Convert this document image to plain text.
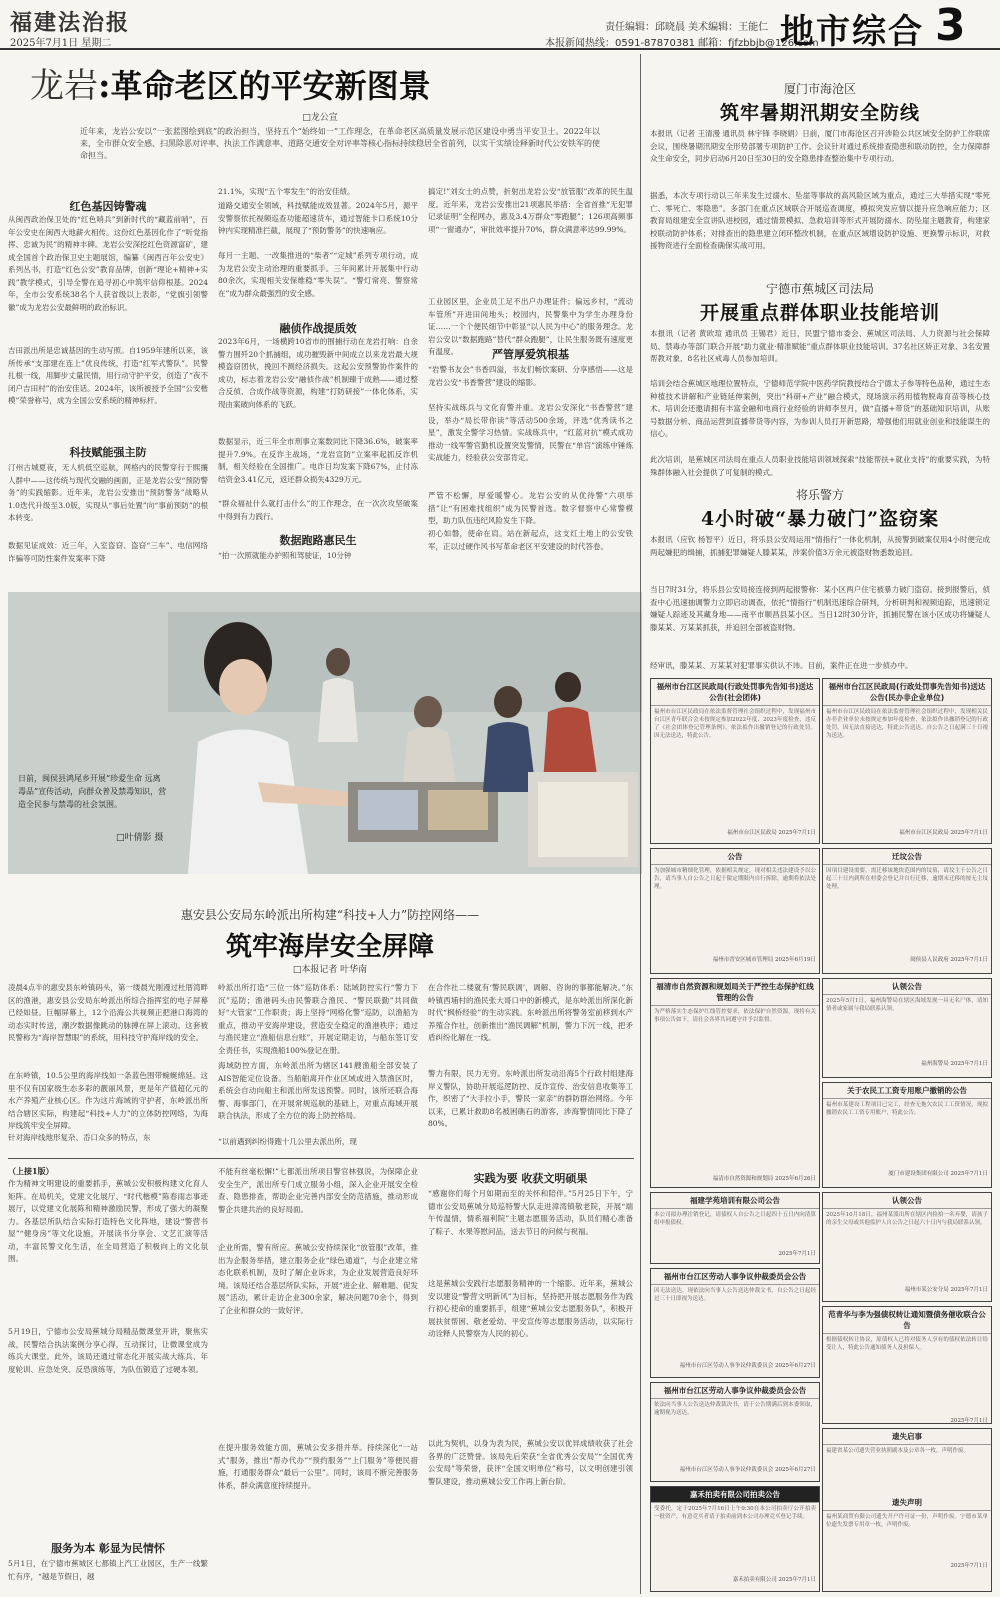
福建法治报
2025年7月1日 星期二
责任编辑：邱晓晨 美术编辑：王能仁
本报新闻热线：0591-87870381 邮箱：fjfzbbjb@126.com
地市综合 3
龙岩:革命老区的平安新图景
□龙公宣
近年来，龙岩公安以“一张蓝图绘到底”的政治担当，坚持五个“始终如一”工作理念，在革命老区高质量发展示范区建设中勇当平安卫士。2022年以来，全市群众安全感、扫黑除恶对评率、执法工作满意率、道路交通安全对评率等核心指标持续稳居全省前列，以实干实绩诠释新时代公安铁军的使命担当。
红色基因铸警魂
从闽西政治保卫处的“红色哨兵”到新时代的“藏蓝前哨”，百年公安史在闽西大地薪火相传。这份红色基因化作了“听党指挥、忠诚为民”的精神丰碑。龙岩公安深挖红色资源富矿，建成全国首个政治保卫史主题展馆，编纂《闽西百年公安史》系列丛书，打造“红色公安”教育品牌，创新“理论+精神+实践”教学模式，引导全警在追寻初心中筑牢信仰根基。2024年，全市公安系统38名个人获省级以上表彰，“党旗引领警徽”成为龙岩公安最鲜明的政治标识。
吉田派出所是忠诚基因的生动写照。自1959年建所以来，该所传承“支部建在连上”优良传统，打造“红军式警队”。民警扎根一线，用脚步丈量民情，用行动守护平安，创造了“夜不闭户吉田村”的治安佳话。2024年，该所被授予全国“公安楷模”荣誉称号，成为全国公安系统的精神标杆。
科技赋能强主防
汀州古城夏夜，无人机低空巡航，网格内的民警穿行于熙攘人群中——这传统与现代交融的画面，正是龙岩公安“预防警务”的实践缩影。近年来，龙岩公安推出“预防警务”战略从1.0迭代升级至3.0版，实现从“事后处置”向“事前预防”的根本转变。
数据见证成效：近三年，入室盗窃、盗窃“三车”、电信网络诈骗等可防性案件发案率下降
21.1%，实现“五个零发生”的治安佳绩。
道路交通安全领域，科技赋能成效显著。2024年5月，源平安警察依托视频巡查功能超速货车，通过智能卡口系统10分钟内实现精准拦截，展现了“预防警务”的快速响应。
每月一主题、一改集推进的“柴者”“定城”系列专项行动，成为龙岩公安主动治理的重要抓手。三年间累计开展集中行动80余次，实现相关安保维稳“零失误”。“警灯常亮、警察常在”成为群众最强烈的安全感。
融侦作战提质效
2023年6月，一场横跨10省市的围捕行动在龙岩打响：自余警力围歼20个抓捕组，成功摧毁新中间成立以来龙岩最大规模盗窃团伙，挽回不测经济损失。这起公安预警协作案件的成功，标志着龙岩公安“融侦作战”机制臻于成熟——通过整合反侦、合成作战等资源，构建“打防研接”一体化体系，实现由案破向体系的飞跃。
数据显示，近三年全市刑事立案数同比下降36.6%，破案率提升7.9%。在反诈主战场，“龙岩宣防”立案率起抓反诈机制，相关经验在全国推广。电诈日均发案下降67%，止付冻结资金3.41亿元，返还群众损失4329万元。
“群众福祉什么就打击什么”的工作理念，在一次次攻坚破案中得到有力践行。
数据跑路惠民生
“拍一次照就能办护照和驾驶证，10分钟
搞定!”刘女士的点赞，折射出龙岩公安“放管服”改革的民生温度。近年来，龙岩公安推出21项惠民举措：全省首推“无犯罪记录证明”全程网办，惠及3.4万群众“零跑腿”；126项高频事项“一窗通办”，审批效率提升70%，群众满意率达99.99%。
工业园区里，企业员工足不出户办理证件；偏远乡村，“流动车管所”开进田间地头；校园内，民警集中为学生办理身份证……一个个便民细节中彰显“以人民为中心”的服务理念。龙岩公安以“数据跑路”替代“群众跑腿”，让民生服务既有速度更有温度。	严管厚爱筑根基
“岩警书友会”书香四溢，书友们畅饮案研、分享感悟——这是龙岩公安“书香警营”建设的缩影。
坚持实战练兵与文化育警并重。龙岩公安深化“书香警营”建设，举办“局长带你读”等活动500余场，评选“优秀读书之星”，激发全警学习热情。实战练兵中，“红蓝对抗”模式成功推动一线军警官勤机设置突发警情，民警在“单官”演练中锤炼实战能力，经验获公安部肯定。
严管不松懈，厚爱暖警心。龙岩公安的从优待警“六项举措”让“有困难找组织”成为民警首选。数字督察中心常警模型，助力队伍违纪风险发生下降。
初心如磐，使命在肩。站在新起点，这支红土地上的公安铁军，正以过硬作风书写革命老区平安建设的时代答卷。
日前，闽侯县鸿尾乡开展“珍爱生命 远离毒品”宣传活动，向群众普及禁毒知识，营造全民参与禁毒的社会氛围。
□叶倩影 摄
惠安县公安局东岭派出所构建“科技+人力”防控网络——
筑牢海岸安全屏障
□本报记者 叶华南
凌晨4点半的惠安县东岭镇码头，第一缕晨光刚漫过杜厝湾畔区的渔港，惠安县公安局东岭派出所综合指挥室的电子屏幕已经如昼。巨幅屏幕上，12个沿海公共视频正把港口海湾的动态实时传送，潮汐数据像跳动的脉搏在屏上滚动。这套被民警称为“海岸智慧眼”的系统，用科技守护海岸线的安全。
在东岭镇，10.5公里的海岸线如一条蓝色围带蜿蜒绵延。这里不仅有国家级生态多彩的靓丽风景，更是年产值超亿元的水产养殖产业核心区。作为这片海域的守护者，东岭派出所结合辖区实际，构建起“科技+人力”的立体防控网络，为海岸线筑牢安全屏障。
针对海岸线地形复杂、岙口众多的特点，东
岭派出所打造“三位一体”巡防体系：陆域防控实行“警力下沉”巡防；渔港码头由民警联合渔民、“警民联勤”共同做好“大管家”工作职责；海上坚持“网格化警”巡防，以渔船为重点，推动平安海岸建设，营造安全稳定的渔港秩序；通过与渔民建立“渔船信息台账”，开展定期走访，与船东签订安全责任书，实现渔船100%登记在册。
海域防控方面，东岭派出所为辖区141艘渔船全部安装了AIS智能定位设备。当船舶离开作业区域或进入禁渔区时，系统会自动向船主和派出所发送预警。同时，该所还联合海警、海事部门，在开展常规巡航的基础上，对重点海域开展联合执法，形成了全方位的海上防控格局。
“以前遇到纠纷得跑十几公里去派出所，现
在合作社二楼就有‘警民联调’，调解、咨询的事都能解决。”东岭镇西埔村的渔民张大哥口中的新模式，是东岭派出所深化新时代“枫桥经验”的生动实践。东岭派出所将警务室前移到水产养殖合作社，创新推出“渔民调解”机制，警力下沉一线，把矛盾纠纷化解在一线。
警力有限，民力无穷。东岭派出所发动沿海5个行政村组建海岸义警队，协助开展巡逻防控、反诈宣传、治安信息收集等工作，织密了“大手拉小手，警民一家亲”的群防群治网络。今年以来，已累计救助8名被困礁石的游客，涉海警情同比下降了80%。
（上接1版）
作为精神文明建设的重要抓手，蕉城公安积极构建文化育人矩阵。在局机关，党建文化展厅、“时代楷模”陈春雨志事迹展厅，以党建文化展陈和精神激励民警，形成了强大的凝聚力。各基层所队结合实际打造特色文化阵地，建设“警营书屋”“健身房”等文化设施，开展读书分享会、文艺汇演等活动，丰富民警文化生活，在全局营造了积极向上的文化氛围。
5月19日，宁德市公安局蕉城分局精品微课堂开讲，聚焦实战，民警结合执法案例分享心得，互动探讨，让微课堂成为练兵大课堂。此外，该局还通过常态化开展实战大练兵、年度轮训、应急处突、反恐演练等，为队伍锻造了过硬本领。
服务为本 彰显为民情怀
5月1日，在宁德市蕉城区七都镇上汽工业园区，生产一线繁忙有序，“越是节假日，越
不能有丝毫松懈!”七都派出所项目警官林强说，为保障企业安全生产，派出所专门成立服务小组，深入企业开展安全检查、隐患排查，帮助企业完善内部安全防范措施，推动形成警企共建共治的良好局面。
企业所需，警有所应。蕉城公安持续深化“放管服”改革，推出为企服务举措，建立服务企业“绿色通道”，与企业建立常态化联系机制，及时了解企业诉求，为企业发展营造良好环境。该局还结合基层所队实际，开展“进企业、解难题、促发展”活动，累计走访企业300余家，解决问题70余个，得到了企业和群众的一致好评。
在提升服务效能方面，蕉城公安多措并举。持续深化“一站式”服务，推出“帮办代办”“预约服务”“上门服务”等便民措施，打通服务群众“最后一公里”。同时，该局不断完善服务体系，群众满意度持续提升。
实践为要 收获文明硕果
“感谢你们每个月如期而至的关怀和陪伴。”5月25日下午，宁德市公安局蕉城分局巡特警大队走进漳湾镇敬老院，开展“端午传温情，情系福利院”主题志愿服务活动，队员们精心准备了粽子、水果等慰问品，送去节日的问候与祝福。
这是蕉城公安践行志愿服务精神的一个缩影。近年来，蕉城公安以建设“警营文明新风”为目标，坚持把开展志愿服务作为践行初心使命的重要抓手，组建“蕉城公安志愿服务队”，积极开展扶贫帮困、敬老爱幼、平安宣传等志愿服务活动，以实际行动诠释人民警察为人民的初心。
以此为契机，以身为表为民，蕉城公安以优异成绩收获了社会各界的广泛赞誉。该局先后荣获“全省优秀公安局”“全国优秀公安局”等荣誉，获评“全国文明单位”称号，以文明创建引领警队建设，推动蕉城公安工作再上新台阶。
厦门市海沧区
筑牢暑期汛期安全防线
本报讯（记者 王清漫 通讯员 林宇锋 李晓娟）日前，厦门市海沧区召开涉险公共区域安全防护工作联席会议，围绕暑期汛期安全形势部署专项防护工作。会议针对通过系统排查隐患和联动防控，全力保障群众生命安全，同步启动6月20日至30日的安全隐患排查整治集中专项行动。
据悉，本次专项行动以三年来发生过溺水、坠崖等事故的高风险区域为重点，通过三大举措实现“零死亡、零死亡、零隐患”。多部门在重点区域联合开展巡查调度，模拟突发应情以提升应急响应能力；区教育局组建安全宣讲队进校园，通过情景模拟、急救培训等形式开展防溺水、防坠崖主题教育，构建家校联动防护体系；对排查出的隐患建立闭环整改机制，在重点区域增设防护设施、更换警示标识，对救援物资进行全面检查确保实战可用。
宁德市蕉城区司法局
开展重点群体职业技能培训
本报讯（记者 黄欧瑄 通讯员 王锡君）近日，民盟宁德市委会、蕉城区司法局、人力资源与社会保障局、禁毒办等部门联合开展“助力就业·精准赋能”重点群体职业技能培训。37名社区矫正对象、3名安置帮教对象、8名社区戒毒人员参加培训。
培训会结合蕉城区地理位置特点，宁德师范学院中医药学院教授结合宁德太子参等特色品种，通过生态种植技术讲解和产业链延伸案例，突出“科研+产业”融合模式，现场演示药用植物脱毒育苗等核心技术。培训会还邀请拥有丰富金融和电商行业经验的讲师李昱月，做“直播+带货”的基础知识培训，从账号数据分析、商品运营到直播带货等内容，为参训人员打开新思路，增强他们用就业创业和技能谋生的信心。
此次培训，是蕉城区司法局在重点人员职业技能培训领域探索“技能帮扶+就业支持”的重要实践，为特殊群体融入社会提供了可复制的模式。
将乐警方
4小时破“暴力破门”盗窃案
本报讯（应钦 杨智平）近日，将乐县公安局运用“情指行”一体化机制，从接警到破案仅用4小时便完成两起嫌犯的缉捕，抓捕犯罪嫌疑人滕某某，涉案价值3万余元被盗财物悉数追回。
当日7时31分，将乐县公安局接连接到两起报警称：某小区两户住宅被暴力破门盗窃。接到报警后，侦查中心迅速抽调警力立即启动调查，依托“情指行”机制迅速综合研判，分析研判和视频追踪，迅速锁定嫌疑人踪迹及其藏身地——南平市顺昌县某小区。当日12时30分许，抓捕民警在该小区成功将嫌疑人滕某某、万某某抓获，并追回全部被盗财物。
经审讯，滕某某、万某某对犯罪事实供认不讳。目前，案件正在进一步侦办中。
福州市台江区民政局(行政处罚事先告知书)送达公告(社会团体)
福州市台江区民政局在依法监督管理社会组织过程中，发现福州市台江区青年联合会未按规定参加2022年度、2023年度检查，违反了《社会团体登记管理条例》，依法拟作出撤销登记的行政处罚。因无法送达，特此公告。
福州市台江区民政局 2025年7月1日
福州市台江区民政局(行政处罚事先告知书)送达公告(民办非企业单位)
福州市台江区民政局在依法监督管理社会组织过程中，发现相关民办非企业单位未按规定参加年度检查，依法拟作出撤销登记的行政处罚。因无法直接送达，特此公告送达。自公告之日起满三十日视为送达。
福州市台江区民政局 2025年7月1日
公告
为加强城市精细化管理，依据相关规定，现对相关违法建设予以公告，请当事人自公告之日起于限定期限内自行拆除，逾期将依法处理。
福州市晋安区城市管理局 2025年6月19日
迁坟公告
因项目建设需要，需迁移该地块范围内的坟墓，请坟主于公告之日起三十日内到所在村委会登记并自行迁移，逾期未迁移的按无主坟处理。
闽侯县人民政府 2025年7月1日
福清市自然资源和规划局关于严控生态保护红线管理的公告
为严格落实生态保护红线管控要求，依法保护自然资源，现将有关事项公告如下，请社会各界共同遵守并予以监督。
福清市自然资源和规划局 2025年6月26日
认领公告
2025年5月1日，福州海警局在辖区海域发现一具无名尸体，请知情者或家属与我局联系认领。
福州海警局 2025年7月1日
关于农民工工资专用账户撤销的公告
福州市某建设工程项目已完工，经查无拖欠农民工工资情况，现拟撤销农民工工资专用账户，特此公告。
厦门市建设集团有限公司 2025年7月1日
福建学苑培训有限公司公告
本公司拟办理注销登记，请债权人自公告之日起四十五日内向清算组申报债权。
2025年7月1日
福州市台江区劳动人事争议仲裁委员会公告
因无法送达，现依法向当事人公告送达仲裁文书，自公告之日起经过三十日即视为送达。
福州市台江区劳动人事争议仲裁委员会 2025年6月27日
认领公告
2025年10月18日，福州某派出所在辖区内捡拾一名弃婴，请孩子的亲生父母或其他监护人自公告之日起六十日内与我局联系认领。
福州市某公安分局 2025年7月1日
范青华与李为强债权转让通知暨债务催收联合公告
根据债权转让协议，原债权人已将对债务人享有的债权依法转让给受让人，特此公告通知债务人及担保人。
2025年7月1日
福州市台江区劳动人事争议仲裁委员会公告
依法向当事人公告送达仲裁裁决书，请于公告期满后到本委领取，逾期视为送达。
福州市台江区劳动人事争议仲裁委员会 2025年6月27日
嘉禾拍卖有限公司拍卖公告
受委托，定于2025年7月16日上午9:30在本公司拍卖厅公开拍卖一批资产，有意竞买者请于拍卖前到本公司办理竞买登记手续。
嘉禾拍卖有限公司 2025年7月1日
遗失启事
福建省某公司遗失营业执照副本及公章各一枚，声明作废。
遗失声明
福州某商贸有限公司遗失开户许可证一份，声明作废。宁德市某单位遗失发票专用章一枚，声明作废。
2025年7月1日
